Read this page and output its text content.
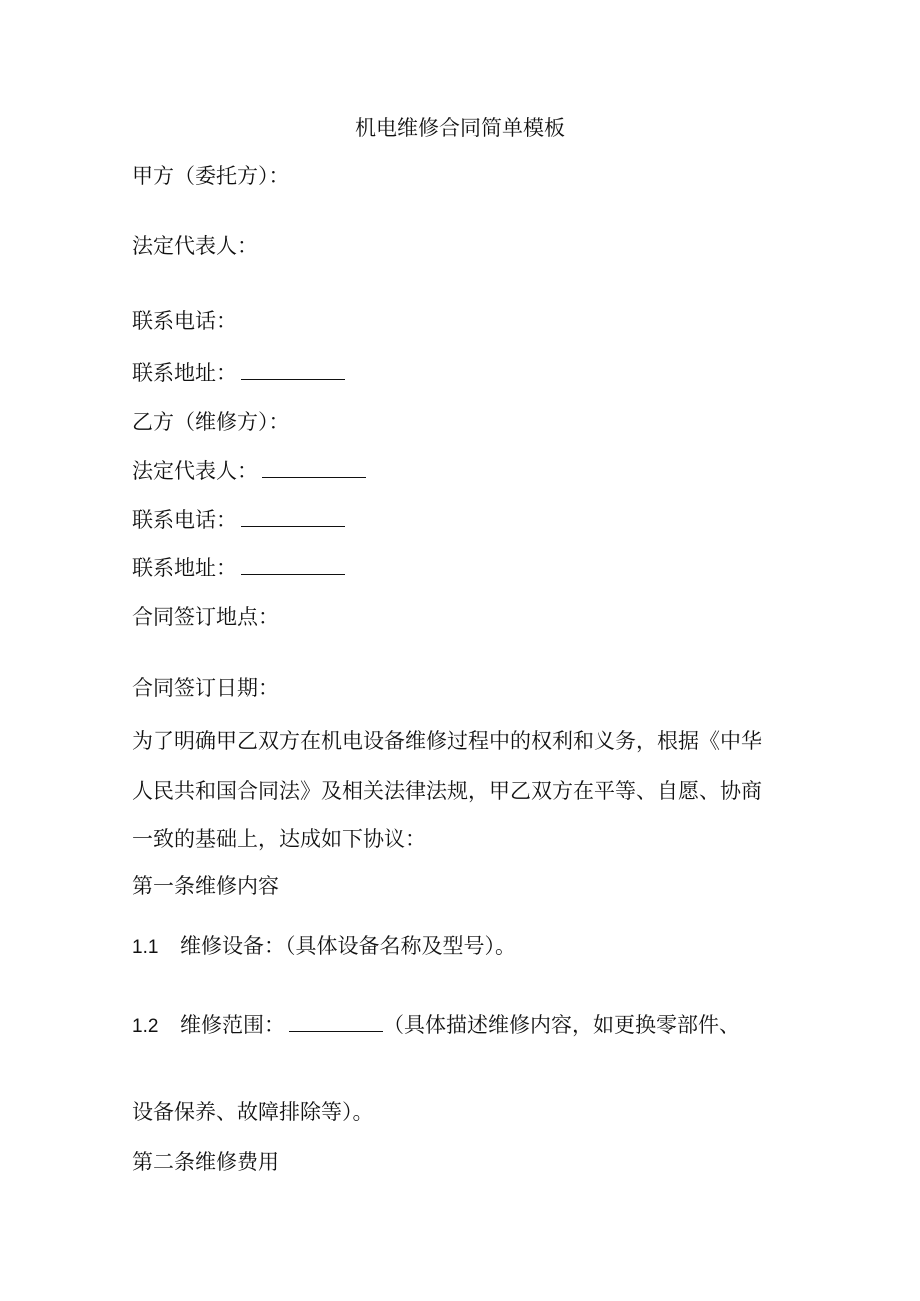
机电维修合同简单模板
甲方（委托方）：
法定代表人：
联系电话：
联系地址：
乙方（维修方）：
法定代表人：
联系电话：
联系地址：
合同签订地点：
合同签订日期：
为了明确甲乙双方在机电设备维修过程中的权利和义务，根据《中华
人民共和国合同法》及相关法律法规，甲乙双方在平等、自愿、协商
一致的基础上，达成如下协议：
第一条维修内容
1.1 维修设备：（具体设备名称及型号）。
1.2 维修范围：	（具体描述维修内容，如更换零部件、
设备保养、故障排除等）。
第二条维修费用
